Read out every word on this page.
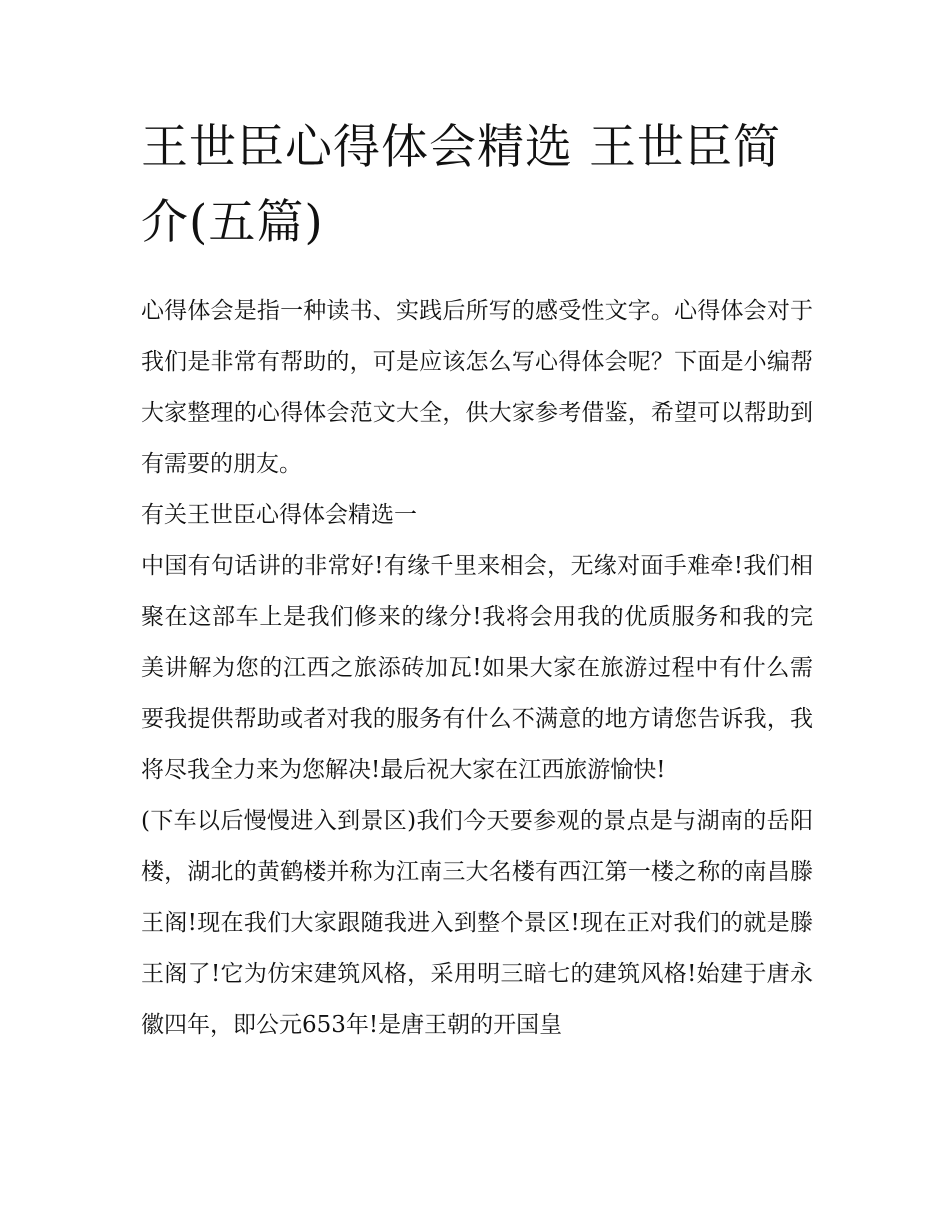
王世臣心得体会精选 王世臣简介(五篇)

心得体会是指一种读书、实践后所写的感受性文字。心得体会对于我们是非常有帮助的，可是应该怎么写心得体会呢？下面是小编帮大家整理的心得体会范文大全，供大家参考借鉴，希望可以帮助到有需要的朋友。

有关王世臣心得体会精选一

中国有句话讲的非常好!有缘千里来相会，无缘对面手难牵!我们相聚在这部车上是我们修来的缘分!我将会用我的优质服务和我的完美讲解为您的江西之旅添砖加瓦!如果大家在旅游过程中有什么需要我提供帮助或者对我的服务有什么不满意的地方请您告诉我，我将尽我全力来为您解决!最后祝大家在江西旅游愉快!

(下车以后慢慢进入到景区)我们今天要参观的景点是与湖南的岳阳楼，湖北的黄鹤楼并称为江南三大名楼有西江第一楼之称的南昌滕王阁!现在我们大家跟随我进入到整个景区!现在正对我们的就是滕王阁了!它为仿宋建筑风格，采用明三暗七的建筑风格!始建于唐永徽四年，即公元653年!是唐王朝的开国皇
